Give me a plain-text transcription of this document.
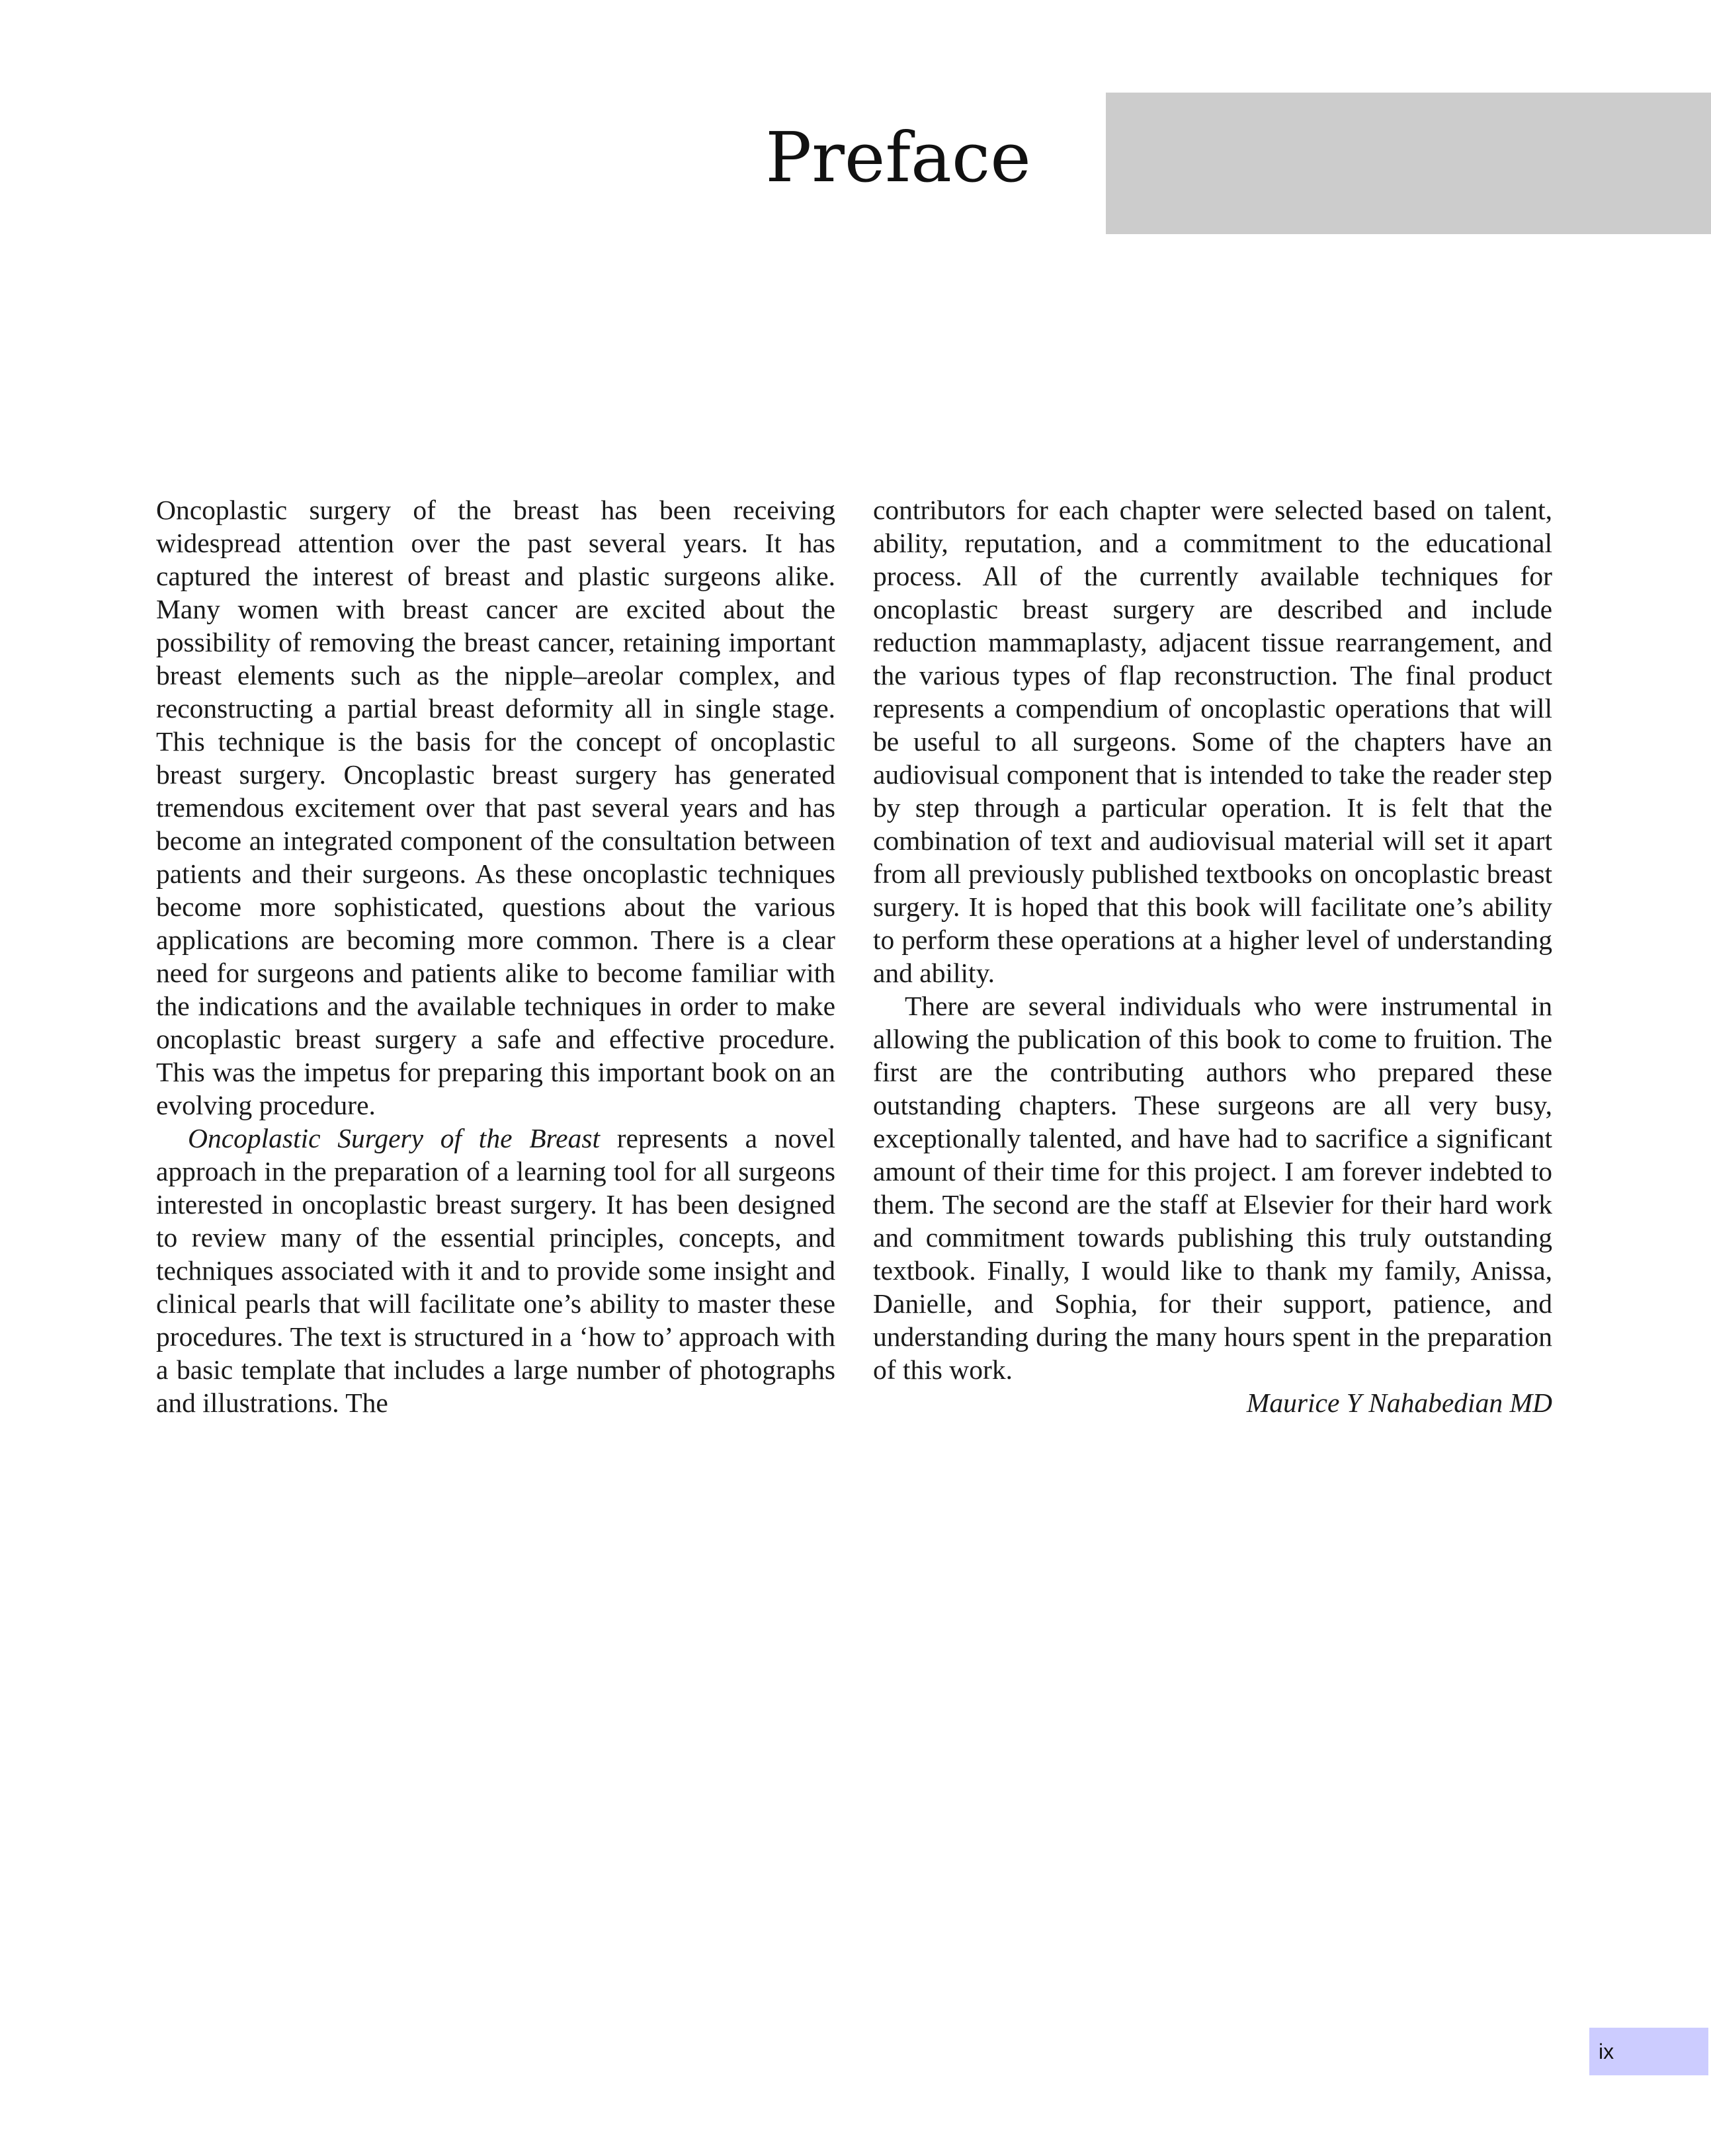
Preface

Oncoplastic surgery of the breast has been receiving widespread attention over the past several years. It has captured the interest of breast and plastic surgeons alike. Many women with breast cancer are excited about the possibility of removing the breast cancer, retaining important breast elements such as the nipple–areolar complex, and reconstructing a partial breast deformity all in single stage. This technique is the basis for the concept of oncoplastic breast surgery. Oncoplastic breast surgery has generated tremendous excitement over that past several years and has become an integrated component of the consultation between patients and their surgeons. As these oncoplastic techniques become more sophisticated, questions about the various applications are becoming more common. There is a clear need for surgeons and patients alike to become familiar with the indications and the available techniques in order to make oncoplastic breast surgery a safe and effective procedure. This was the impetus for preparing this important book on an evolving procedure.

Oncoplastic Surgery of the Breast represents a novel approach in the preparation of a learning tool for all surgeons interested in oncoplastic breast surgery. It has been designed to review many of the essential principles, concepts, and techniques associated with it and to provide some insight and clinical pearls that will facilitate one’s ability to master these procedures. The text is structured in a ‘how to’ approach with a basic template that includes a large number of photographs and illustrations. The

contributors for each chapter were selected based on talent, ability, reputation, and a commitment to the educational process. All of the currently available techniques for oncoplastic breast surgery are described and include reduction mammaplasty, adjacent tissue rearrangement, and the various types of flap reconstruction. The final product represents a compendium of oncoplastic operations that will be useful to all surgeons. Some of the chapters have an audiovisual component that is intended to take the reader step by step through a particular operation. It is felt that the combination of text and audiovisual material will set it apart from all previously published textbooks on oncoplastic breast surgery. It is hoped that this book will facilitate one’s ability to perform these operations at a higher level of understanding and ability.

There are several individuals who were instrumental in allowing the publication of this book to come to fruition. The first are the contributing authors who prepared these outstanding chapters. These surgeons are all very busy, exceptionally talented, and have had to sacrifice a significant amount of their time for this project. I am forever indebted to them. The second are the staff at Elsevier for their hard work and commitment towards publishing this truly outstanding textbook. Finally, I would like to thank my family, Anissa, Danielle, and Sophia, for their support, patience, and understanding during the many hours spent in the preparation of this work.

Maurice Y Nahabedian MD

ix
